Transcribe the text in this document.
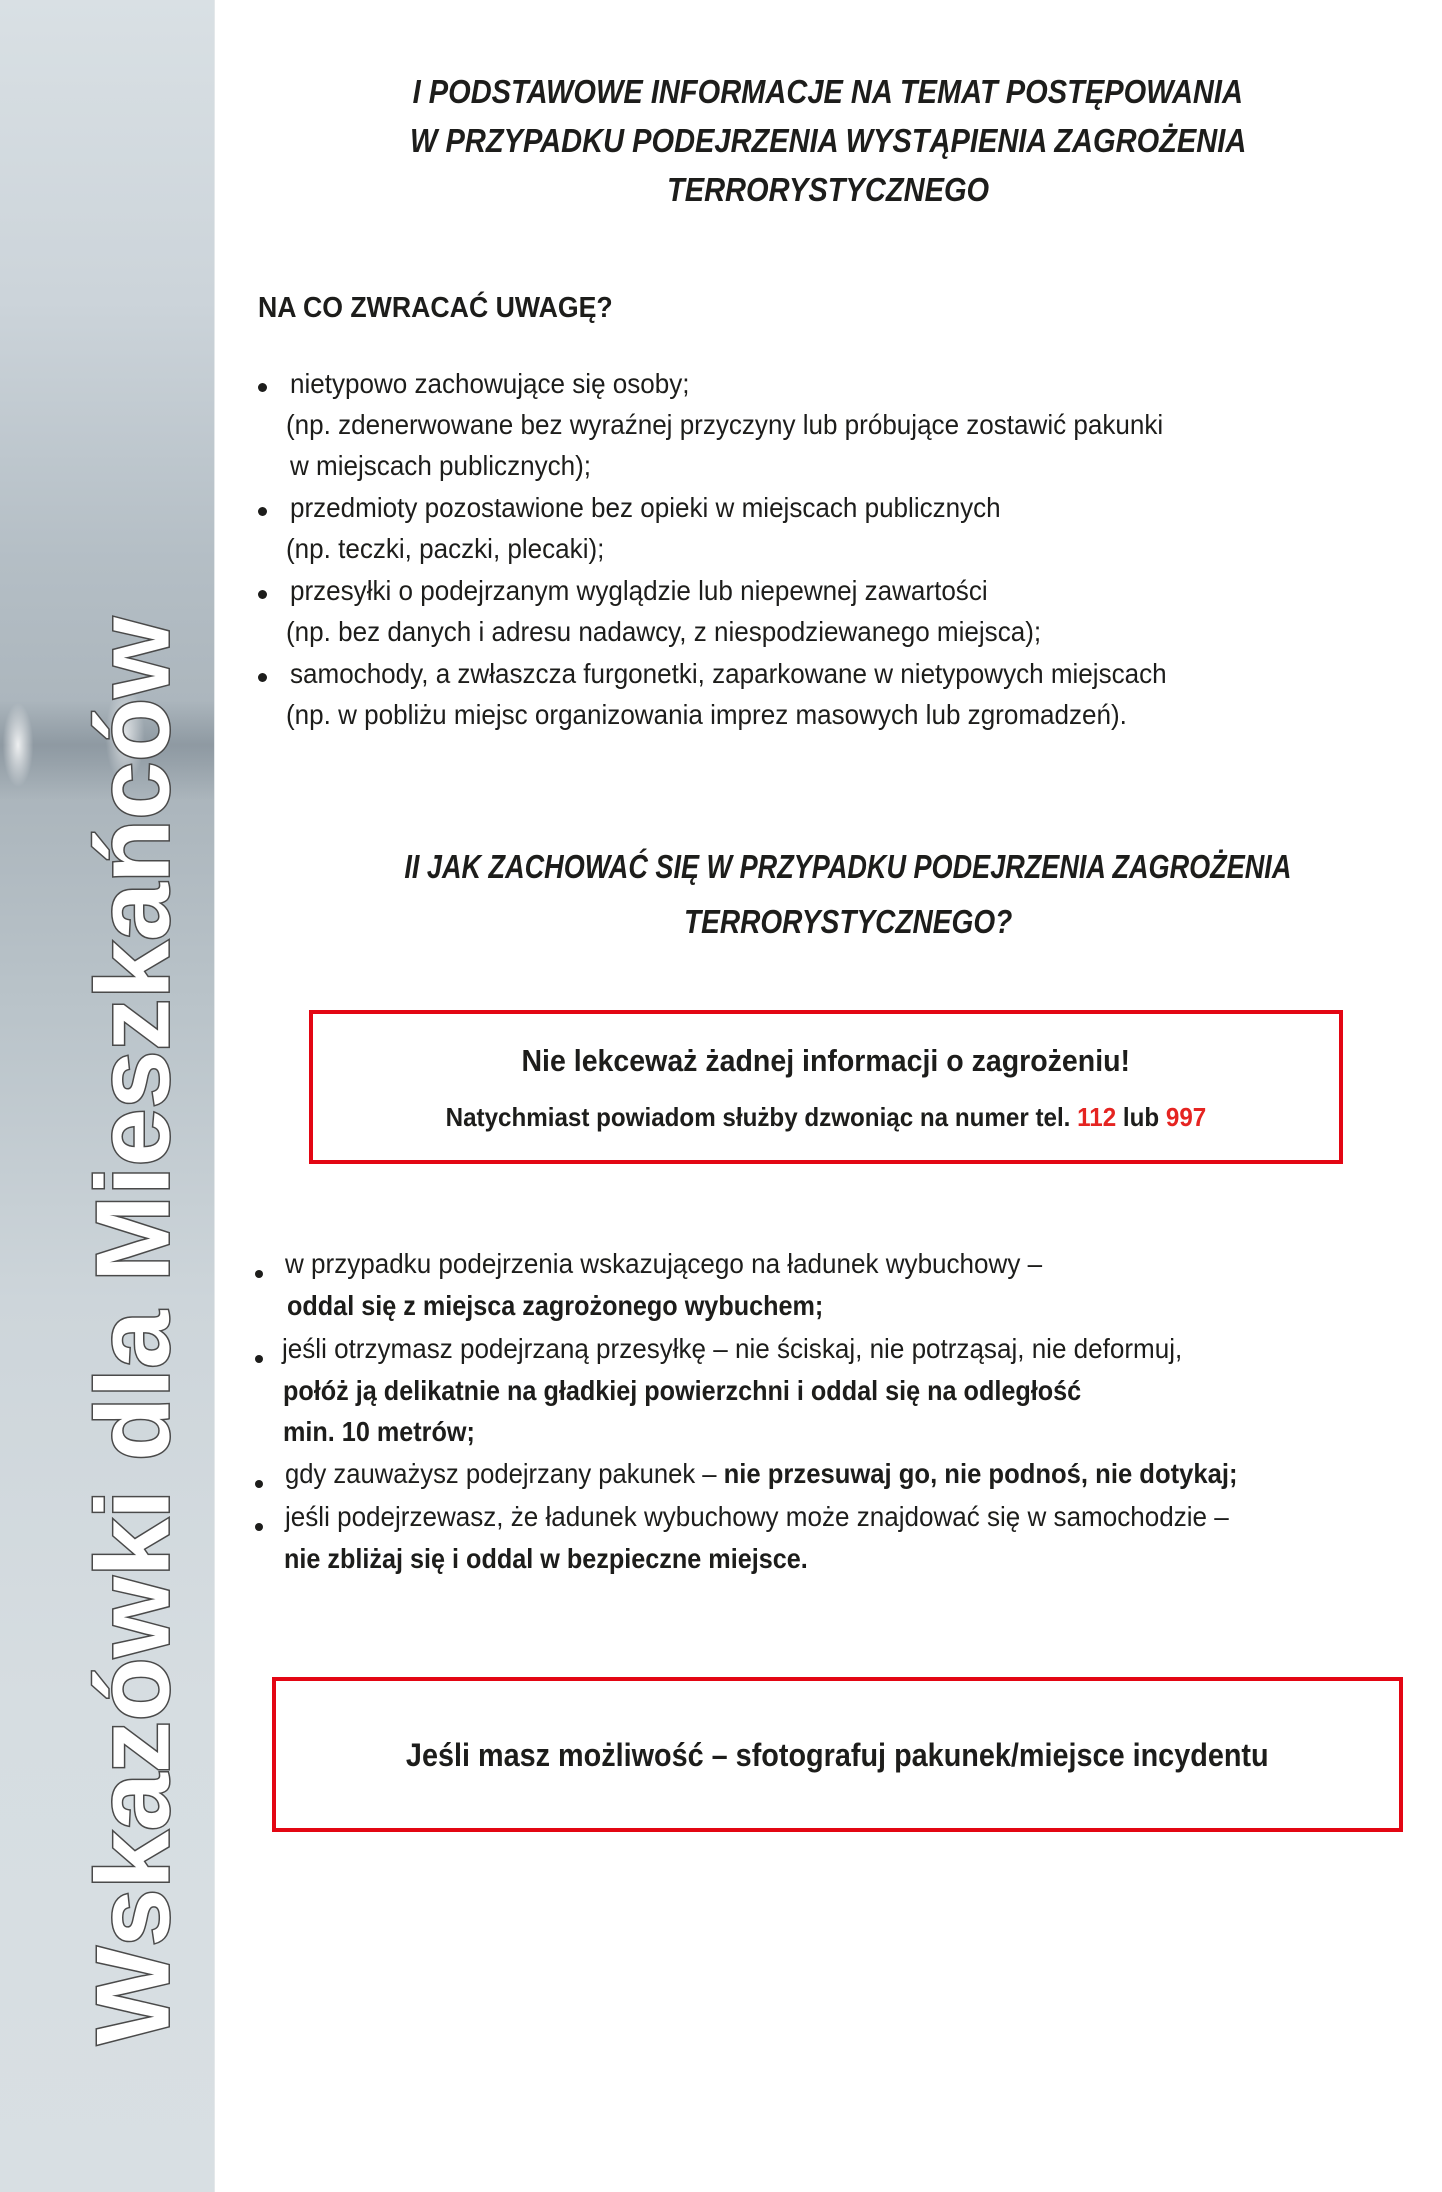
Wskazówki dla Mieszkańców
I PODSTAWOWE INFORMACJE NA TEMAT POSTĘPOWANIA
W PRZYPADKU PODEJRZENIA WYSTĄPIENIA ZAGROŻENIA
TERRORYSTYCZNEGO
NA CO ZWRACAĆ UWAGĘ?
nietypowo zachowujące się osoby;
(np. zdenerwowane bez wyraźnej przyczyny lub próbujące zostawić pakunki
w miejscach publicznych);
przedmioty pozostawione bez opieki w miejscach publicznych
(np. teczki, paczki, plecaki);
przesyłki o podejrzanym wyglądzie lub niepewnej zawartości
(np. bez danych i adresu nadawcy, z niespodziewanego miejsca);
samochody, a zwłaszcza furgonetki, zaparkowane w nietypowych miejscach
(np. w pobliżu miejsc organizowania imprez masowych lub zgromadzeń).
II JAK ZACHOWAĆ SIĘ W PRZYPADKU PODEJRZENIA ZAGROŻENIA
TERRORYSTYCZNEGO?
Nie lekceważ żadnej informacji o zagrożeniu!
Natychmiast powiadom służby dzwoniąc na numer tel. 112 lub 997
w przypadku podejrzenia wskazującego na ładunek wybuchowy –
oddal się z miejsca zagrożonego wybuchem;
jeśli otrzymasz podejrzaną przesyłkę – nie ściskaj, nie potrząsaj, nie deformuj,
połóż ją delikatnie na gładkiej powierzchni i oddal się na odległość
min. 10 metrów;
gdy zauważysz podejrzany pakunek – nie przesuwaj go, nie podnoś, nie dotykaj;
jeśli podejrzewasz, że ładunek wybuchowy może znajdować się w samochodzie –
nie zbliżaj się i oddal w bezpieczne miejsce.
Jeśli masz możliwość – sfotografuj pakunek/miejsce incydentu
